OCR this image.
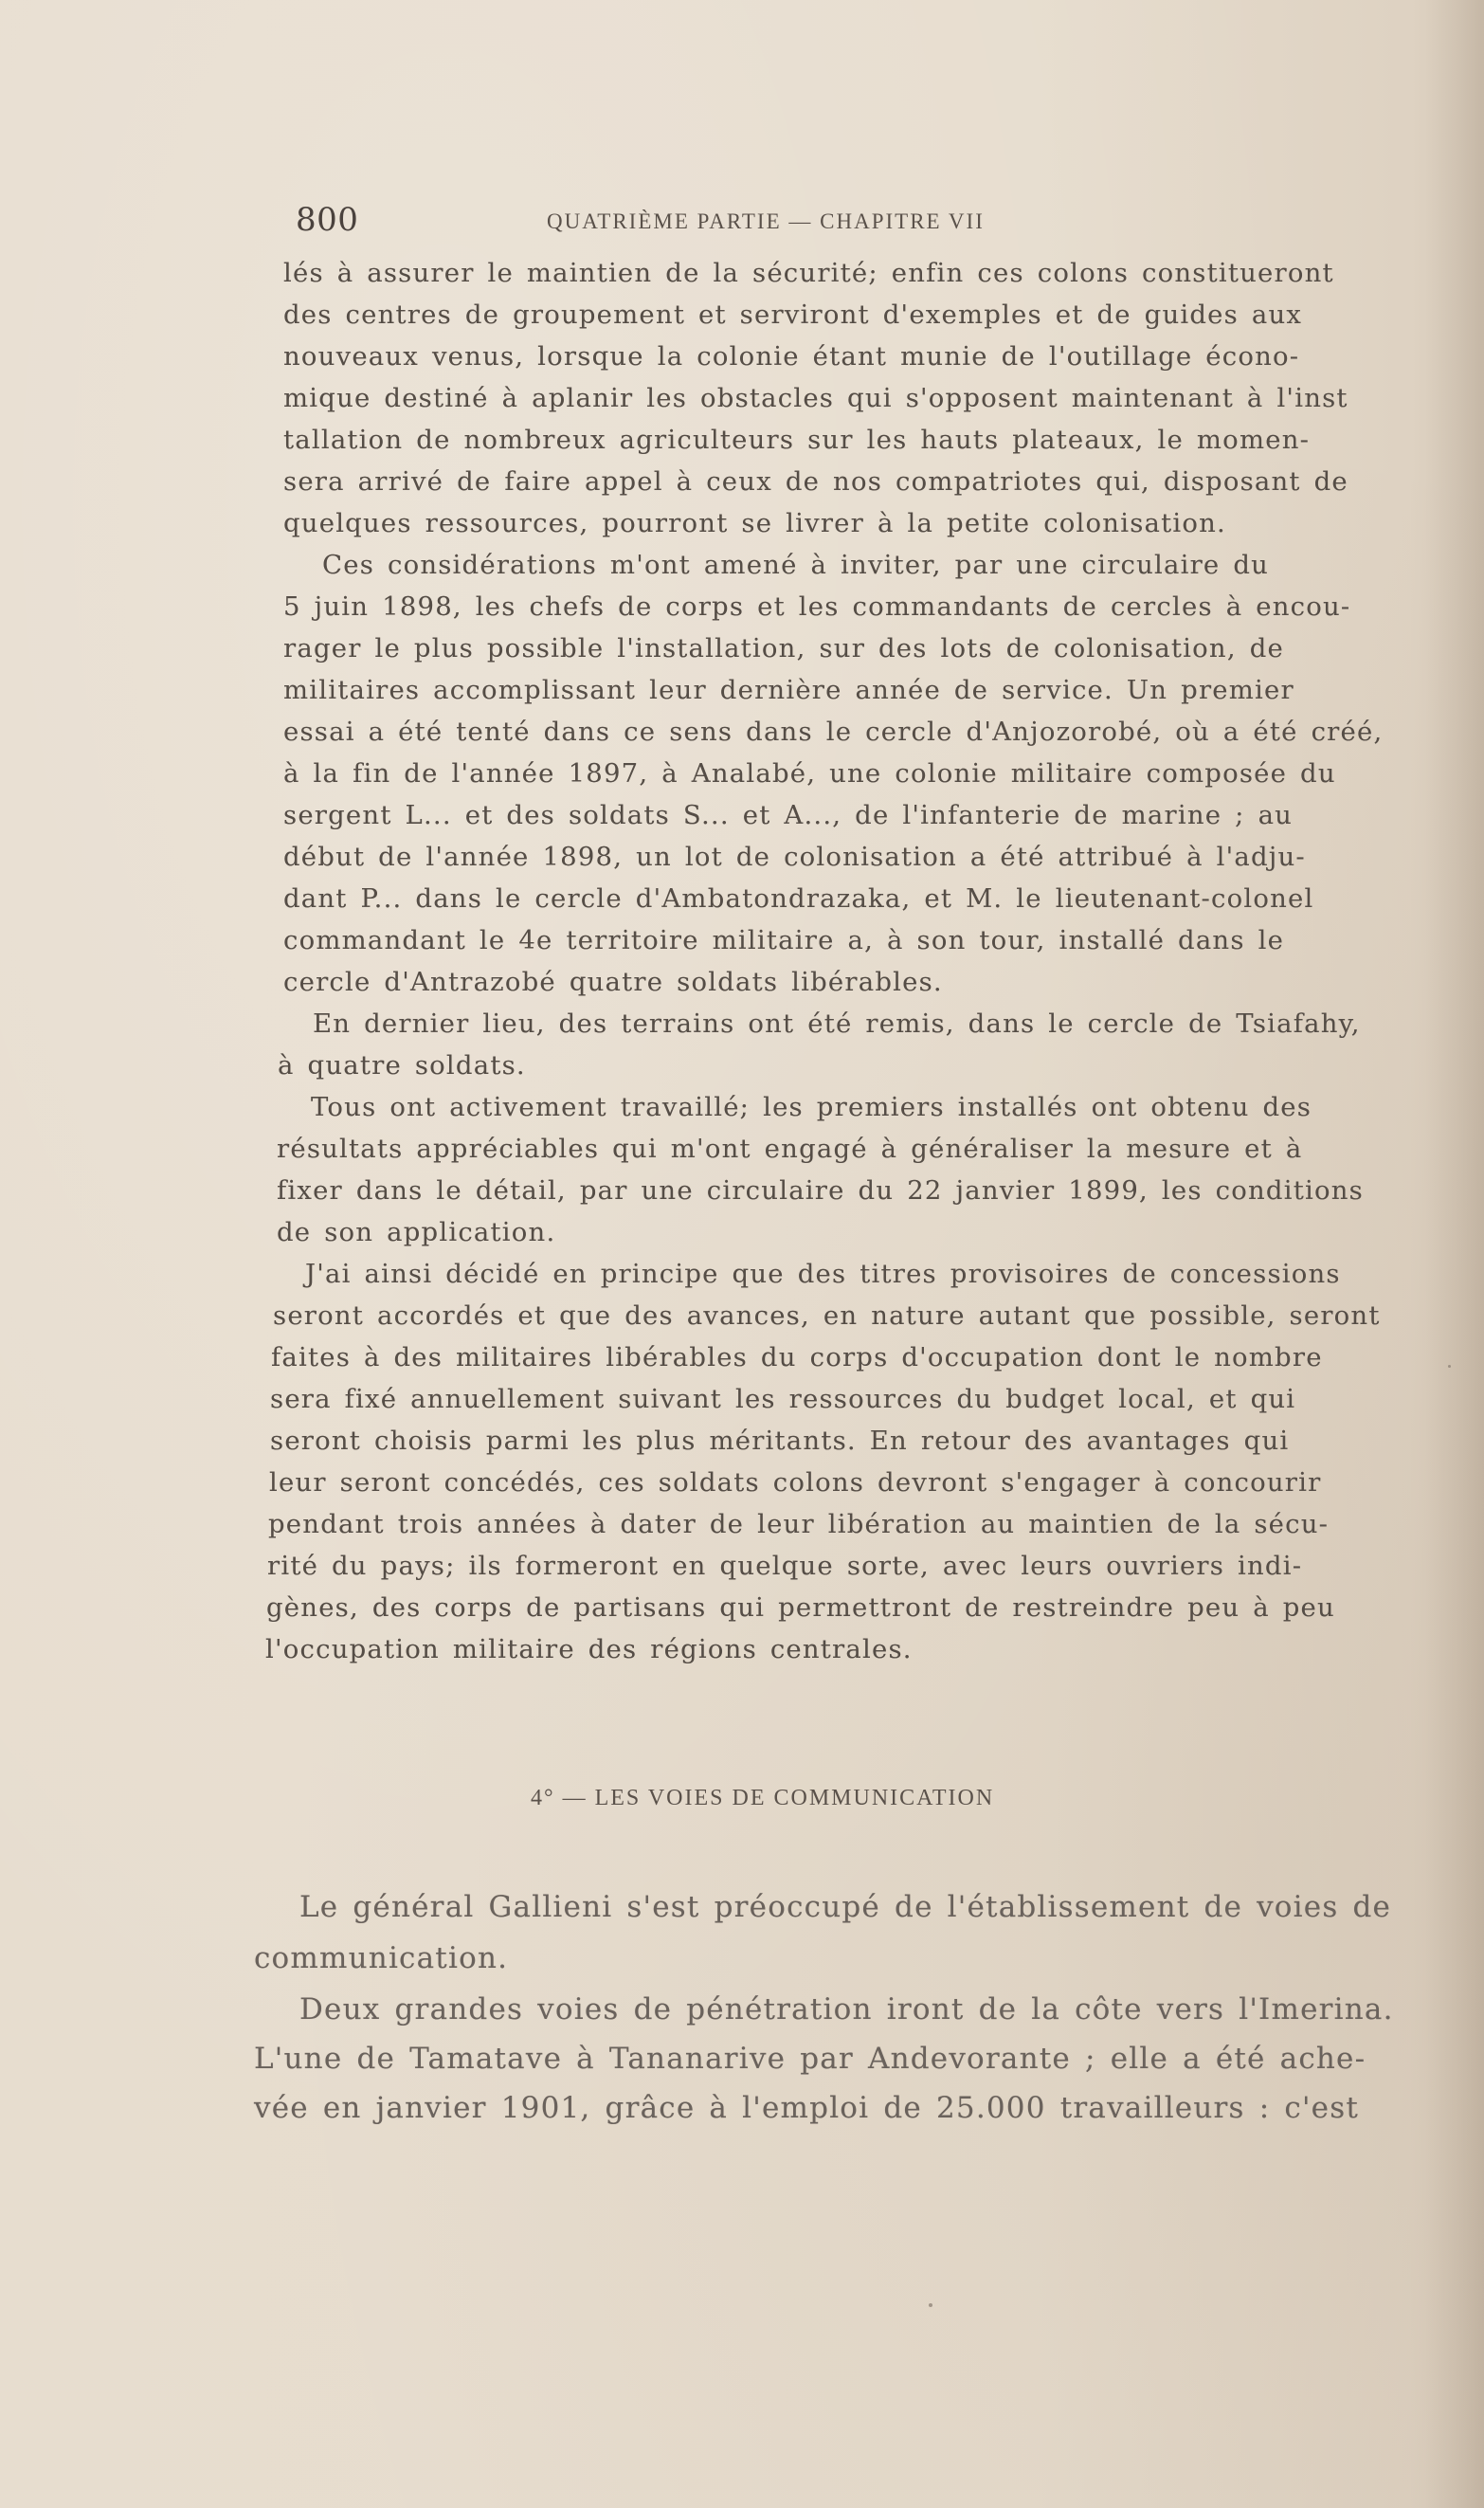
800	QUATRIÈME PARTIE — CHAPITRE VII

lés à assurer le maintien de la sécurité; enfin ces colons constitueront

des centres de groupement et serviront d'exemples et de guides aux

nouveaux venus, lorsque la colonie étant munie de l'outillage écono-

mique destiné à aplanir les obstacles qui s'opposent maintenant à l'inst

tallation de nombreux agriculteurs sur les hauts plateaux, le momen-

sera arrivé de faire appel à ceux de nos compatriotes qui, disposant de

quelques ressources, pourront se livrer à la petite colonisation.

Ces considérations m'ont amené à inviter, par une circulaire du

5 juin 1898, les chefs de corps et les commandants de cercles à encou-

rager le plus possible l'installation, sur des lots de colonisation, de

militaires accomplissant leur dernière année de service. Un premier

essai a été tenté dans ce sens dans le cercle d'Anjozorobé, où a été créé,

à la fin de l'année 1897, à Analabé, une colonie militaire composée du

sergent L... et des soldats S... et A..., de l'infanterie de marine ; au

début de l'année 1898, un lot de colonisation a été attribué à l'adju-

dant P... dans le cercle d'Ambatondrazaka, et M. le lieutenant-colonel

commandant le 4e territoire militaire a, à son tour, installé dans le

cercle d'Antrazobé quatre soldats libérables.

En dernier lieu, des terrains ont été remis, dans le cercle de Tsiafahy,

à quatre soldats.

Tous ont activement travaillé; les premiers installés ont obtenu des

résultats appréciables qui m'ont engagé à généraliser la mesure et à

fixer dans le détail, par une circulaire du 22 janvier 1899, les conditions

de son application.

J'ai ainsi décidé en principe que des titres provisoires de concessions

seront accordés et que des avances, en nature autant que possible, seront

faites à des militaires libérables du corps d'occupation dont le nombre

sera fixé annuellement suivant les ressources du budget local, et qui

seront choisis parmi les plus méritants. En retour des avantages qui

leur seront concédés, ces soldats colons devront s'engager à concourir

pendant trois années à dater de leur libération au maintien de la sécu-

rité du pays; ils formeront en quelque sorte, avec leurs ouvriers indi-

gènes, des corps de partisans qui permettront de restreindre peu à peu

l'occupation militaire des régions centrales.

4° — LES VOIES DE COMMUNICATION

Le général Gallieni s'est préoccupé de l'établissement de voies de

communication.

Deux grandes voies de pénétration iront de la côte vers l'Imerina.

L'une de Tamatave à Tananarive par Andevorante ; elle a été ache-

vée en janvier 1901, grâce à l'emploi de 25.000 travailleurs : c'est
